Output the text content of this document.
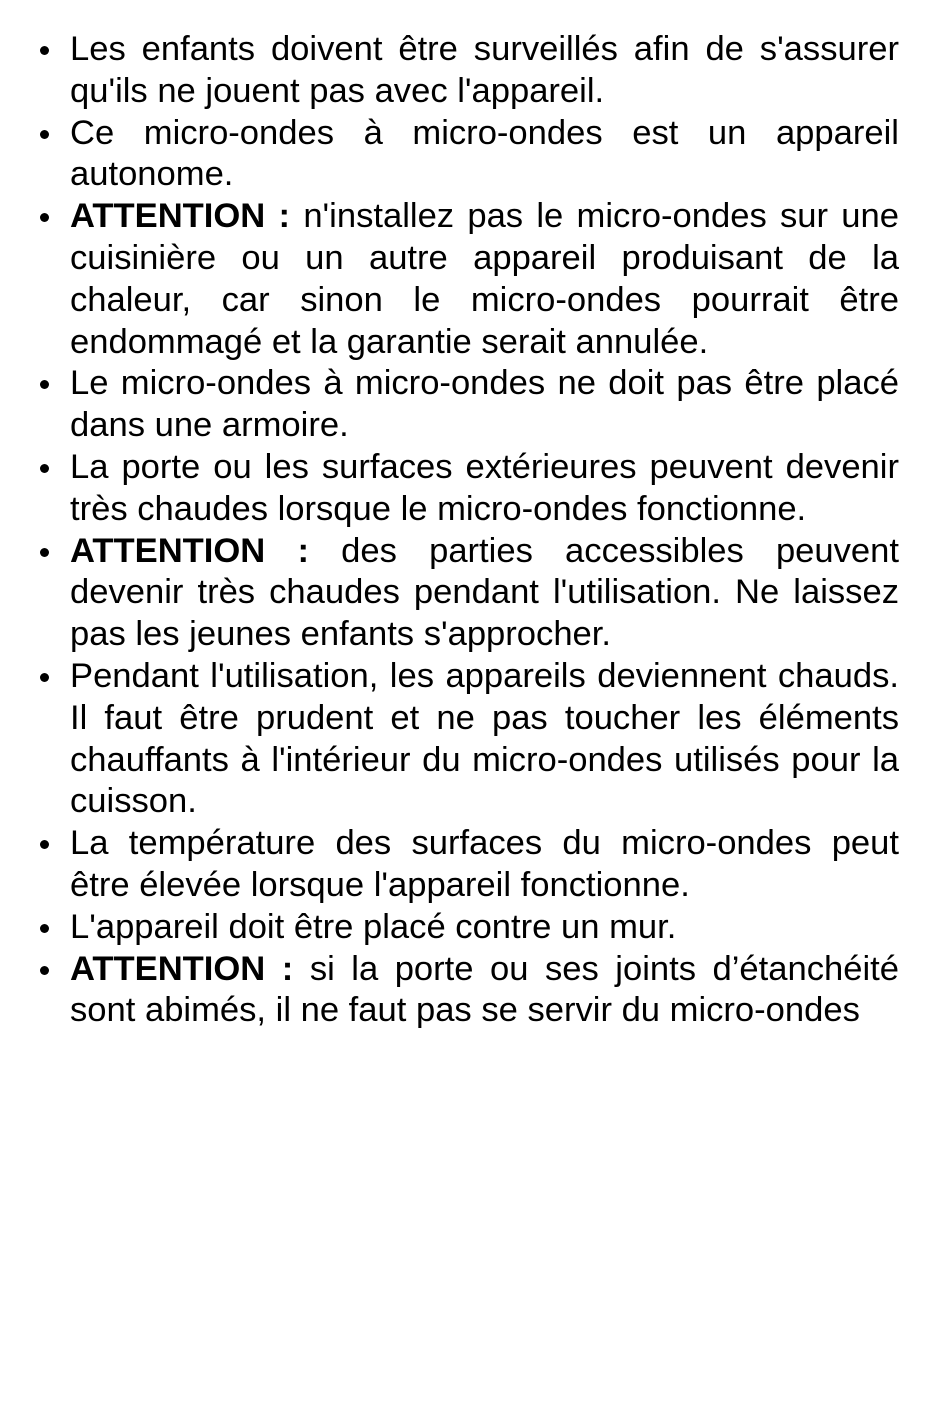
Les enfants doivent être surveillés afin de s'assurer qu'ils ne jouent pas avec l'appareil.
Ce micro-ondes à micro-ondes est un appareil autonome.
ATTENTION : n'installez pas le micro-ondes sur une cuisinière ou un autre appareil produisant de la chaleur, car sinon le micro-ondes pourrait être endommagé et la garantie serait annulée.
Le micro-ondes à micro-ondes ne doit pas être placé dans une armoire.
La porte ou les surfaces extérieures peuvent devenir très chaudes lorsque le micro-ondes fonctionne.
ATTENTION : des parties accessibles peuvent devenir très chaudes pendant l'utilisation. Ne laissez pas les jeunes enfants s'approcher.
Pendant l'utilisation, les appareils deviennent chauds. Il faut être prudent et ne pas toucher les éléments chauffants à l'intérieur du micro-ondes utilisés pour la cuisson.
La température des surfaces du micro-ondes peut être élevée lorsque l'appareil fonctionne.
L'appareil doit être placé contre un mur.
ATTENTION : si la porte ou ses joints d’étanchéité sont abimés, il ne faut pas se servir du micro-ondes
